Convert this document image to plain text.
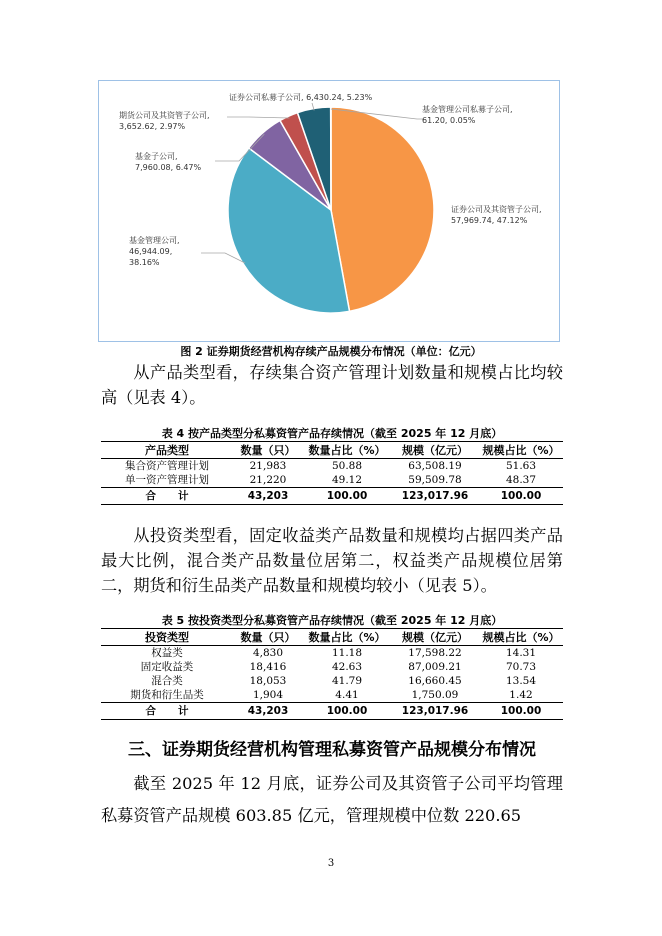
证券公司及其资管子公司,
57,969.74, 47.12%
基金管理公司,
46,944.09,
38.16%
基金子公司,
7,960.08, 6.47%
期货公司及其资管子公司,
3,652.62, 2.97%
证券公司私募子公司, 6,430.24, 5.23%
基金管理公司私募子公司,
61.20, 0.05%
图 2 证券期货经营机构存续产品规模分布情况（单位：亿元）

从产品类型看，存续集合资产管理计划数量和规模占比均较高（见表 4）。

表 4 按产品类型分私募资管产品存续情况（截至 2025 年 12 月底）
产品类型	数量（只）	数量占比（%）	规模（亿元）	规模占比（%）
集合资产管理计划	21,983	50.88	63,508.19	51.63
单一资产管理计划	21,220	49.12	59,509.78	48.37
合      计	43,203	100.00	123,017.96	100.00

从投资类型看，固定收益类产品数量和规模均占据四类产品最大比例，混合类产品数量位居第二，权益类产品规模位居第二，期货和衍生品类产品数量和规模均较小（见表 5）。

表 5 按投资类型分私募资管产品存续情况（截至 2025 年 12 月底）
投资类型	数量（只）	数量占比（%）	规模（亿元）	规模占比（%）
权益类	4,830	11.18	17,598.22	14.31
固定收益类	18,416	42.63	87,009.21	70.73
混合类	18,053	41.79	16,660.45	13.54
期货和衍生品类	1,904	4.41	1,750.09	1.42
合      计	43,203	100.00	123,017.96	100.00

三、证券期货经营机构管理私募资管产品规模分布情况

截至 2025 年 12 月底，证券公司及其资管子公司平均管理私募资管产品规模 603.85 亿元，管理规模中位数 220.65

3
